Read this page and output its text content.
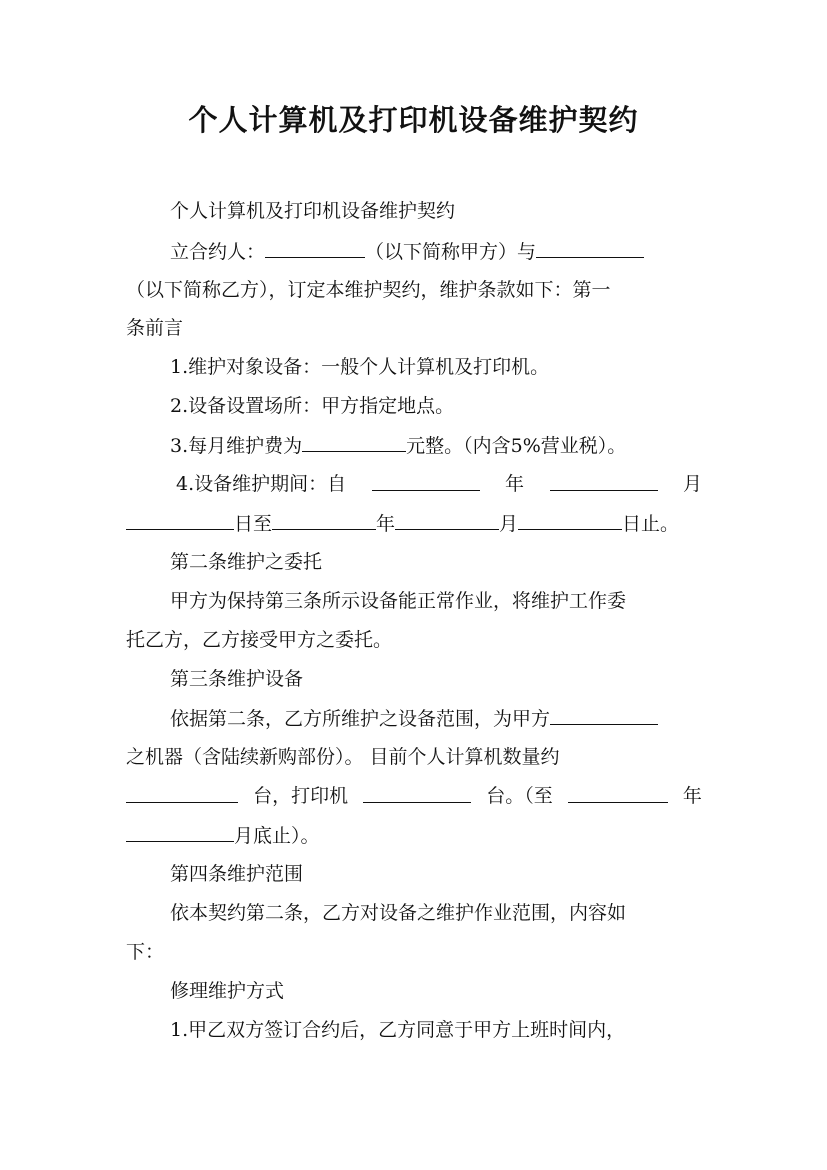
个人计算机及打印机设备维护契约
个人计算机及打印机设备维护契约
立合约人：	（以下简称甲方）与
（以下简称乙方），订定本维护契约，维护条款如下：第一
条前言
1.维护对象设备：一般个人计算机及打印机。
2.设备设置场所：甲方指定地点。
3.每月维护费为	元整。（内含5%营业税）。
4.设备维护期间：自	年	月
日至	年	月	日止。
第二条维护之委托
甲方为保持第三条所示设备能正常作业，将维护工作委
托乙方，乙方接受甲方之委托。
第三条维护设备
依据第二条，乙方所维护之设备范围，为甲方
之机器（含陆续新购部份）。 目前个人计算机数量约
台，打印机	台。（至	年
月底止）。
第四条维护范围
依本契约第二条，乙方对设备之维护作业范围，内容如
下：
修理维护方式
1.甲乙双方签订合约后，乙方同意于甲方上班时间内，
